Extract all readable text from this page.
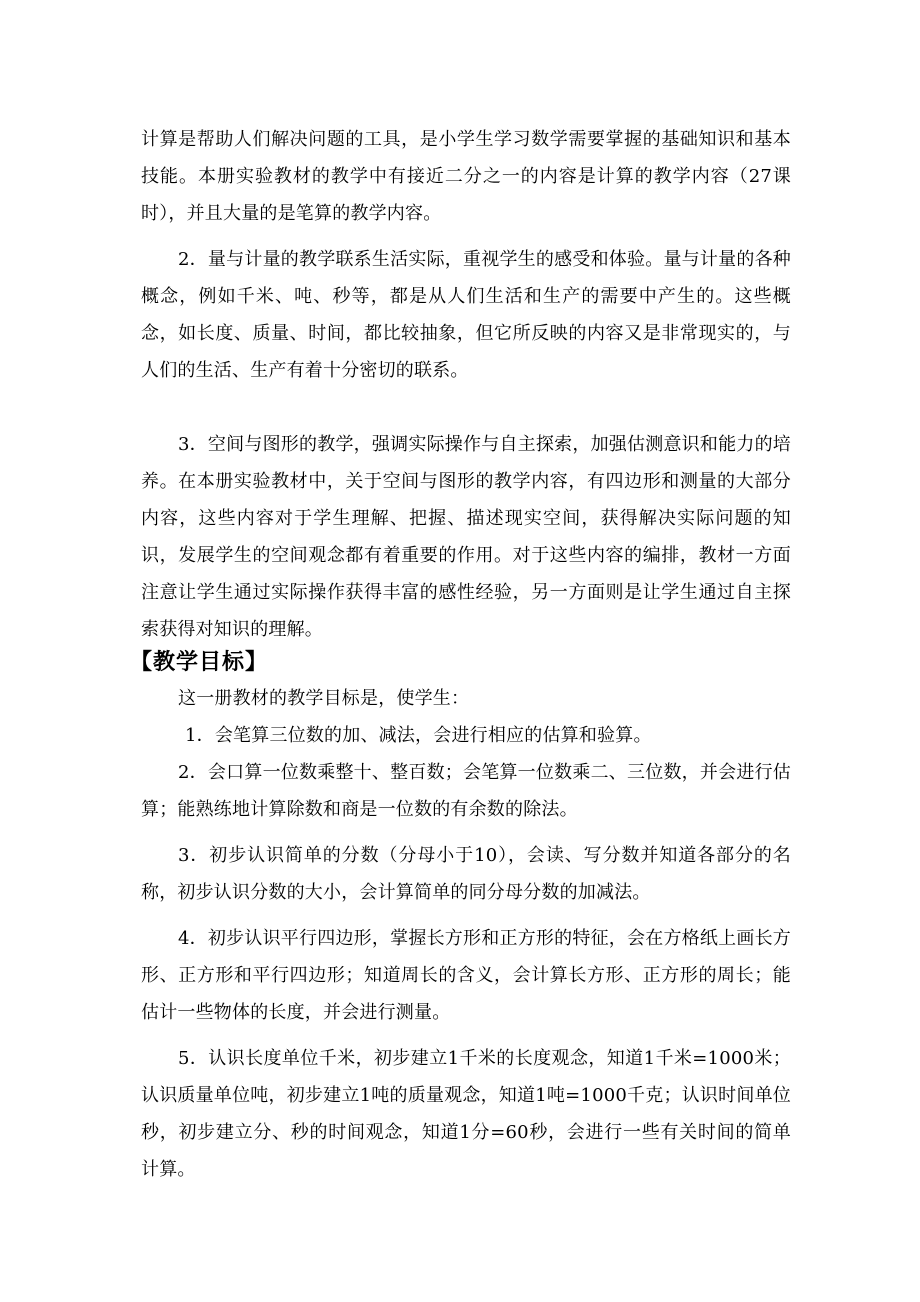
计算是帮助人们解决问题的工具，是小学生学习数学需要掌握的基础知识和基本技能。本册实验教材的教学中有接近二分之一的内容是计算的教学内容（27课时），并且大量的是笔算的教学内容。

2．量与计量的教学联系生活实际，重视学生的感受和体验。量与计量的各种概念，例如千米、吨、秒等，都是从人们生活和生产的需要中产生的。这些概念，如长度、质量、时间，都比较抽象，但它所反映的内容又是非常现实的，与人们的生活、生产有着十分密切的联系。

3．空间与图形的教学，强调实际操作与自主探索，加强估测意识和能力的培养。在本册实验教材中，关于空间与图形的教学内容，有四边形和测量的大部分内容，这些内容对于学生理解、把握、描述现实空间，获得解决实际问题的知识，发展学生的空间观念都有着重要的作用。对于这些内容的编排，教材一方面注意让学生通过实际操作获得丰富的感性经验，另一方面则是让学生通过自主探索获得对知识的理解。

【教学目标】

这一册教材的教学目标是，使学生：

1．会笔算三位数的加、减法，会进行相应的估算和验算。

2．会口算一位数乘整十、整百数；会笔算一位数乘二、三位数，并会进行估算；能熟练地计算除数和商是一位数的有余数的除法。

3．初步认识简单的分数（分母小于10），会读、写分数并知道各部分的名称，初步认识分数的大小，会计算简单的同分母分数的加减法。

4．初步认识平行四边形，掌握长方形和正方形的特征，会在方格纸上画长方形、正方形和平行四边形；知道周长的含义，会计算长方形、正方形的周长；能估计一些物体的长度，并会进行测量。

5．认识长度单位千米，初步建立1千米的长度观念，知道1千米=1000米；认识质量单位吨，初步建立1吨的质量观念，知道1吨=1000千克；认识时间单位秒，初步建立分、秒的时间观念，知道1分=60秒，会进行一些有关时间的简单计算。
